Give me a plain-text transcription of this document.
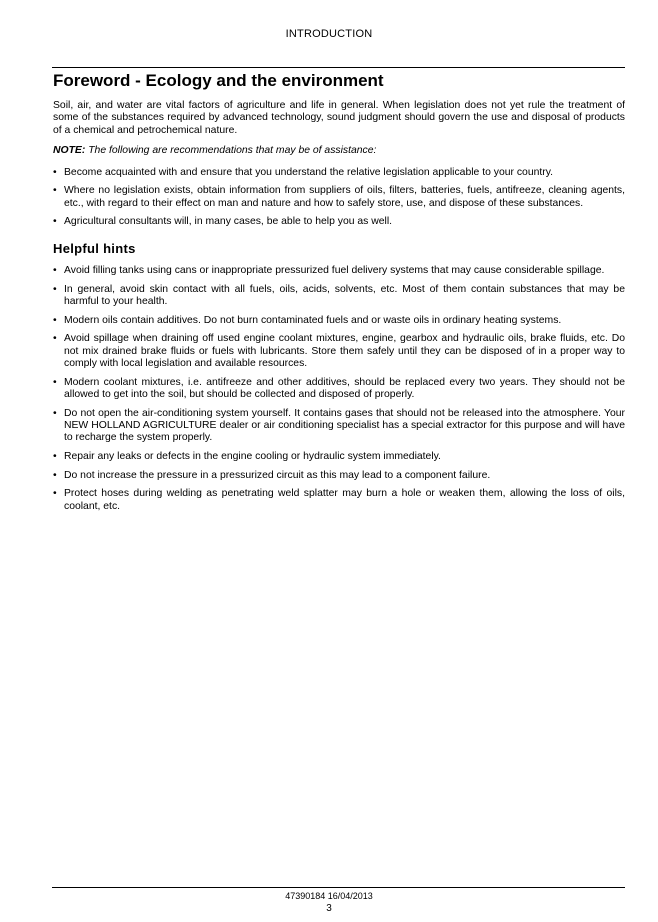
INTRODUCTION
Foreword - Ecology and the environment

Soil, air, and water are vital factors of agriculture and life in general. When legislation does not yet rule the treatment of some of the substances required by advanced technology, sound judgment should govern the use and disposal of products of a chemical and petrochemical nature.

NOTE: The following are recommendations that may be of assistance:

• Become acquainted with and ensure that you understand the relative legislation applicable to your country.
• Where no legislation exists, obtain information from suppliers of oils, filters, batteries, fuels, antifreeze, cleaning agents, etc., with regard to their effect on man and nature and how to safely store, use, and dispose of these substances.
• Agricultural consultants will, in many cases, be able to help you as well.
Helpful hints
• Avoid filling tanks using cans or inappropriate pressurized fuel delivery systems that may cause considerable spillage.
• In general, avoid skin contact with all fuels, oils, acids, solvents, etc. Most of them contain substances that may be harmful to your health.
• Modern oils contain additives. Do not burn contaminated fuels and or waste oils in ordinary heating systems.
• Avoid spillage when draining off used engine coolant mixtures, engine, gearbox and hydraulic oils, brake fluids, etc. Do not mix drained brake fluids or fuels with lubricants. Store them safely until they can be disposed of in a proper way to comply with local legislation and available resources.
• Modern coolant mixtures, i.e. antifreeze and other additives, should be replaced every two years. They should not be allowed to get into the soil, but should be collected and disposed of properly.
• Do not open the air-conditioning system yourself. It contains gases that should not be released into the atmosphere. Your NEW HOLLAND AGRICULTURE dealer or air conditioning specialist has a special extractor for this purpose and will have to recharge the system properly.
• Repair any leaks or defects in the engine cooling or hydraulic system immediately.
• Do not increase the pressure in a pressurized circuit as this may lead to a component failure.
• Protect hoses during welding as penetrating weld splatter may burn a hole or weaken them, allowing the loss of oils, coolant, etc.
47390184 16/04/2013
3
